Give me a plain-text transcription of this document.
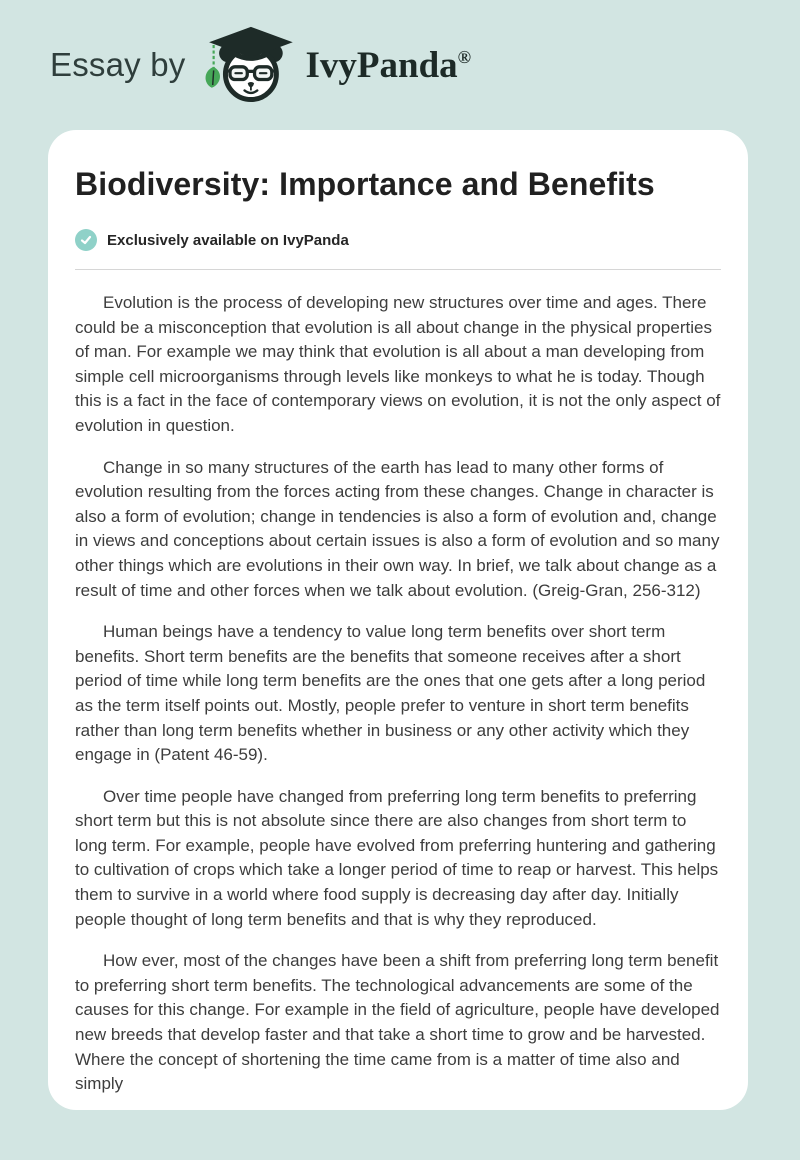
Essay by	IvyPanda®
Biodiversity: Importance and Benefits
Exclusively available on IvyPanda

Evolution is the process of developing new structures over time and ages. There could be a misconception that evolution is all about change in the physical properties of man. For example we may think that evolution is all about a man developing from simple cell microorganisms through levels like monkeys to what he is today. Though this is a fact in the face of contemporary views on evolution, it is not the only aspect of evolution in question.

Change in so many structures of the earth has lead to many other forms of evolution resulting from the forces acting from these changes. Change in character is also a form of evolution; change in tendencies is also a form of evolution and, change in views and conceptions about certain issues is also a form of evolution and so many other things which are evolutions in their own way. In brief, we talk about change as a result of time and other forces when we talk about evolution. (Greig-Gran, 256-312)

Human beings have a tendency to value long term benefits over short term benefits. Short term benefits are the benefits that someone receives after a short period of time while long term benefits are the ones that one gets after a long period as the term itself points out. Mostly, people prefer to venture in short term benefits rather than long term benefits whether in business or any other activity which they engage in (Patent 46-59).

Over time people have changed from preferring long term benefits to preferring short term but this is not absolute since there are also changes from short term to long term. For example, people have evolved from preferring huntering and gathering to cultivation of crops which take a longer period of time to reap or harvest. This helps them to survive in a world where food supply is decreasing day after day. Initially people thought of long term benefits and that is why they reproduced.

How ever, most of the changes have been a shift from preferring long term benefit to preferring short term benefits. The technological advancements are some of the causes for this change. For example in the field of agriculture, people have developed new breeds that develop faster and that take a short time to grow and be harvested. Where the concept of shortening the time came from is a matter of time also and simply
